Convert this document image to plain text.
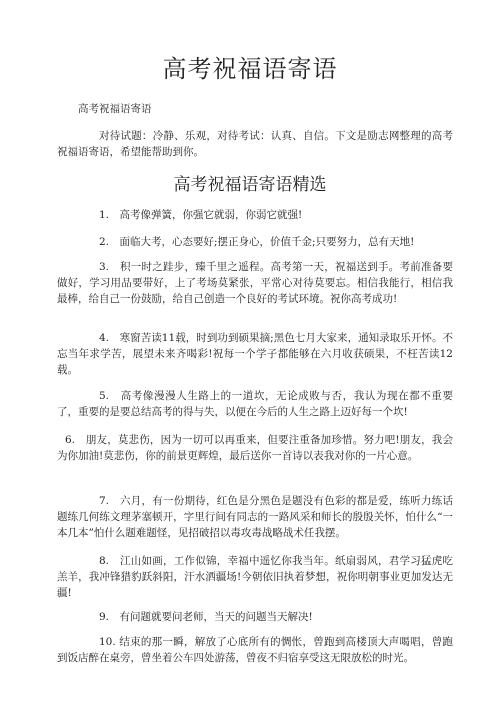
高考祝福语寄语
高考祝福语寄语

对待试题：冷静、乐观，对待考试：认真、自信。下文是励志网整理的高考祝福语寄语，希望能帮助到你。

高考祝福语寄语精选

1.　高考像弹簧，你强它就弱，你弱它就强!

2.　面临大考，心态要好;摆正身心，价值千金;只要努力，总有天地!

3.　积一时之跬步，臻千里之遥程。高考第一天，祝福送到手。考前准备要做好，学习用品要带好，上了考场莫紧张，平常心对待莫要忘。相信我能行，相信我最棒，给自己一份鼓励，给自己创造一个良好的考试环境。祝你高考成功!

4.　寒窗苦读11载，时到功到硕果摘;黑色七月大家来，通知录取乐开怀。不忘当年求学苦，展望未来齐喝彩!祝每一个学子都能够在六月收获硕果，不枉苦读12载。

5.　高考像漫漫人生路上的一道坎，无论成败与否，我认为现在都不重要了，重要的是要总结高考的得与失，以便在今后的人生之路上迈好每一个坎!

6.　朋友，莫悲伤，因为一切可以再重来，但要注重备加珍惜。努力吧!朋友，我会为你加油!莫悲伤，你的前景更辉煌，最后送你一首诗以表我对你的一片心意。

7.　六月，有一份期待，红色是分黑色是题没有色彩的都是爱，练听力练话题练几何练文理茅塞顿开，字里行间有同志的一路风采和师长的殷殷关怀，怕什么“一本几本”怕什么题难题怪，见招破招以毒攻毒战略战术任我摆。

8.　江山如画，工作似锦，幸福中遥忆你我当年。纸扇弱风，君学习猛虎吃羔羊，我冲锋猎豹跃斜阳，汗水洒疆场!今朝依旧执着梦想，祝你明朝事业更加发达无疆!

9.　有问题就要问老师，当天的问题当天解决!

10. 结束的那一瞬，解放了心底所有的惆怅，曾跑到高楼顶大声喝唱，曾跑到饭店醉在桌旁，曾坐着公车四处游荡，曾夜不归宿享受这无限放松的时光。
